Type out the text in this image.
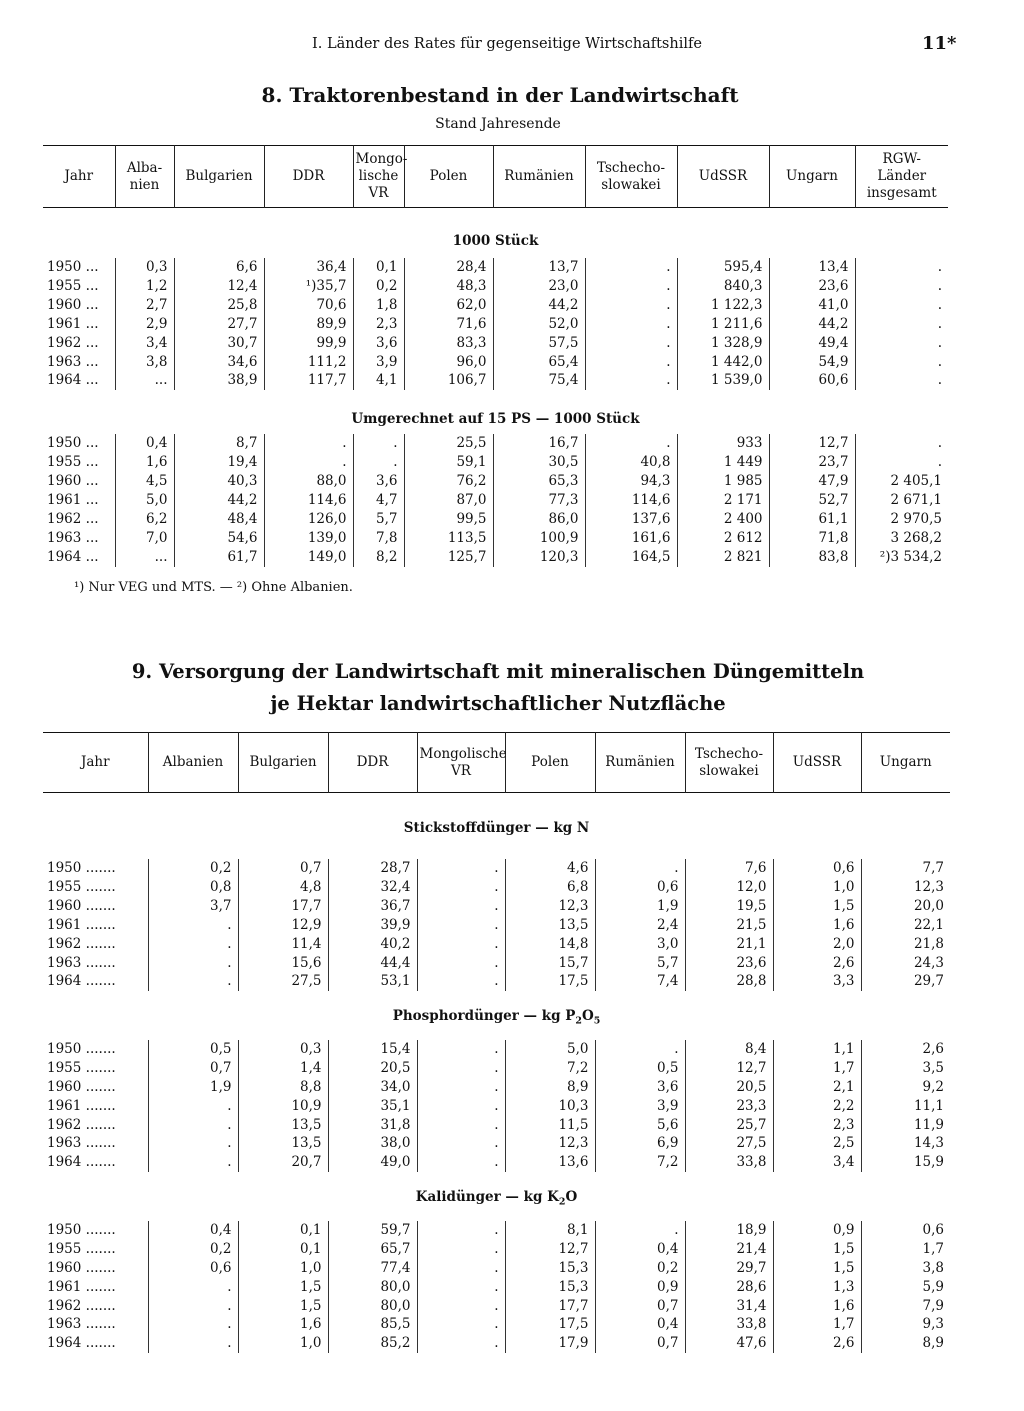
I. Länder des Rates für gegenseitige Wirtschaftshilfe	11*
8. Traktorenbestand in der Landwirtschaft
Stand Jahresende
Jahr	Alba-
nien	Bulgarien	DDR	Mongo-
lische
VR	Polen	Rumänien	Tschecho-
slowakei	UdSSR	Ungarn	RGW-
Länder
insgesamt

1000 Stück										

1950 ...	0,3	6,6	36,4	0,1	28,4	13,7	.	595,4	13,4	.
1955 ...	1,2	12,4	¹)35,7	0,2	48,3	23,0	.	840,3	23,6	.
1960 ...	2,7	25,8	70,6	1,8	62,0	44,2	.	1 122,3	41,0	.
1961 ...	2,9	27,7	89,9	2,3	71,6	52,0	.	1 211,6	44,2	.
1962 ...	3,4	30,7	99,9	3,6	83,3	57,5	.	1 328,9	49,4	.
1963 ...	3,8	34,6	111,2	3,9	96,0	65,4	.	1 442,0	54,9	.
1964 ...	...	38,9	117,7	4,1	106,7	75,4	.	1 539,0	60,6	.

Umgerechnet auf 15 PS — 1000 Stück										

1950 ...	0,4	8,7	.	.	25,5	16,7	.	933	12,7	.
1955 ...	1,6	19,4	.	.	59,1	30,5	40,8	1 449	23,7	.
1960 ...	4,5	40,3	88,0	3,6	76,2	65,3	94,3	1 985	47,9	2 405,1
1961 ...	5,0	44,2	114,6	4,7	87,0	77,3	114,6	2 171	52,7	2 671,1
1962 ...	6,2	48,4	126,0	5,7	99,5	86,0	137,6	2 400	61,1	2 970,5
1963 ...	7,0	54,6	139,0	7,8	113,5	100,9	161,6	2 612	71,8	3 268,2
1964 ...	...	61,7	149,0	8,2	125,7	120,3	164,5	2 821	83,8	²)3 534,2
¹) Nur VEG und MTS. — ²) Ohne Albanien.
9. Versorgung der Landwirtschaft mit mineralischen Düngemitteln
je Hektar landwirtschaftlicher Nutzfläche
Jahr	Albanien	Bulgarien	DDR	Mongolische
VR	Polen	Rumänien	Tschecho-
slowakei	UdSSR	Ungarn

Stickstoffdünger — kg N									

1950 .......	0,2	0,7	28,7	.	4,6	.	7,6	0,6	7,7
1955 .......	0,8	4,8	32,4	.	6,8	0,6	12,0	1,0	12,3
1960 .......	3,7	17,7	36,7	.	12,3	1,9	19,5	1,5	20,0
1961 .......	.	12,9	39,9	.	13,5	2,4	21,5	1,6	22,1
1962 .......	.	11,4	40,2	.	14,8	3,0	21,1	2,0	21,8
1963 .......	.	15,6	44,4	.	15,7	5,7	23,6	2,6	24,3
1964 .......	.	27,5	53,1	.	17,5	7,4	28,8	3,3	29,7

Phosphordünger — kg $P_2O_5$

1950 .......	0,5	0,3	15,4	.	5,0	.	8,4	1,1	2,6
1955 .......	0,7	1,4	20,5	.	7,2	0,5	12,7	1,7	3,5
1960 .......	1,9	8,8	34,0	.	8,9	3,6	20,5	2,1	9,2
1961 .......	.	10,9	35,1	.	10,3	3,9	23,3	2,2	11,1
1962 .......	.	13,5	31,8	.	11,5	5,6	25,7	2,3	11,9
1963 .......	.	13,5	38,0	.	12,3	6,9	27,5	2,5	14,3
1964 .......	.	20,7	49,0	.	13,6	7,2	33,8	3,4	15,9

Kalidünger — kg $K_2O$									

1950 .......	0,4	0,1	59,7	.	8,1	.	18,9	0,9	0,6
1955 .......	0,2	0,1	65,7	.	12,7	0,4	21,4	1,5	1,7
1960 .......	0,6	1,0	77,4	.	15,3	0,2	29,7	1,5	3,8
1961 .......	.	1,5	80,0	.	15,3	0,9	28,6	1,3	5,9
1962 .......	.	1,5	80,0	.	17,7	0,7	31,4	1,6	7,9
1963 .......	.	1,6	85,5	.	17,5	0,4	33,8	1,7	9,3
1964 .......	.	1,0	85,2	.	17,9	0,7	47,6	2,6	8,9
